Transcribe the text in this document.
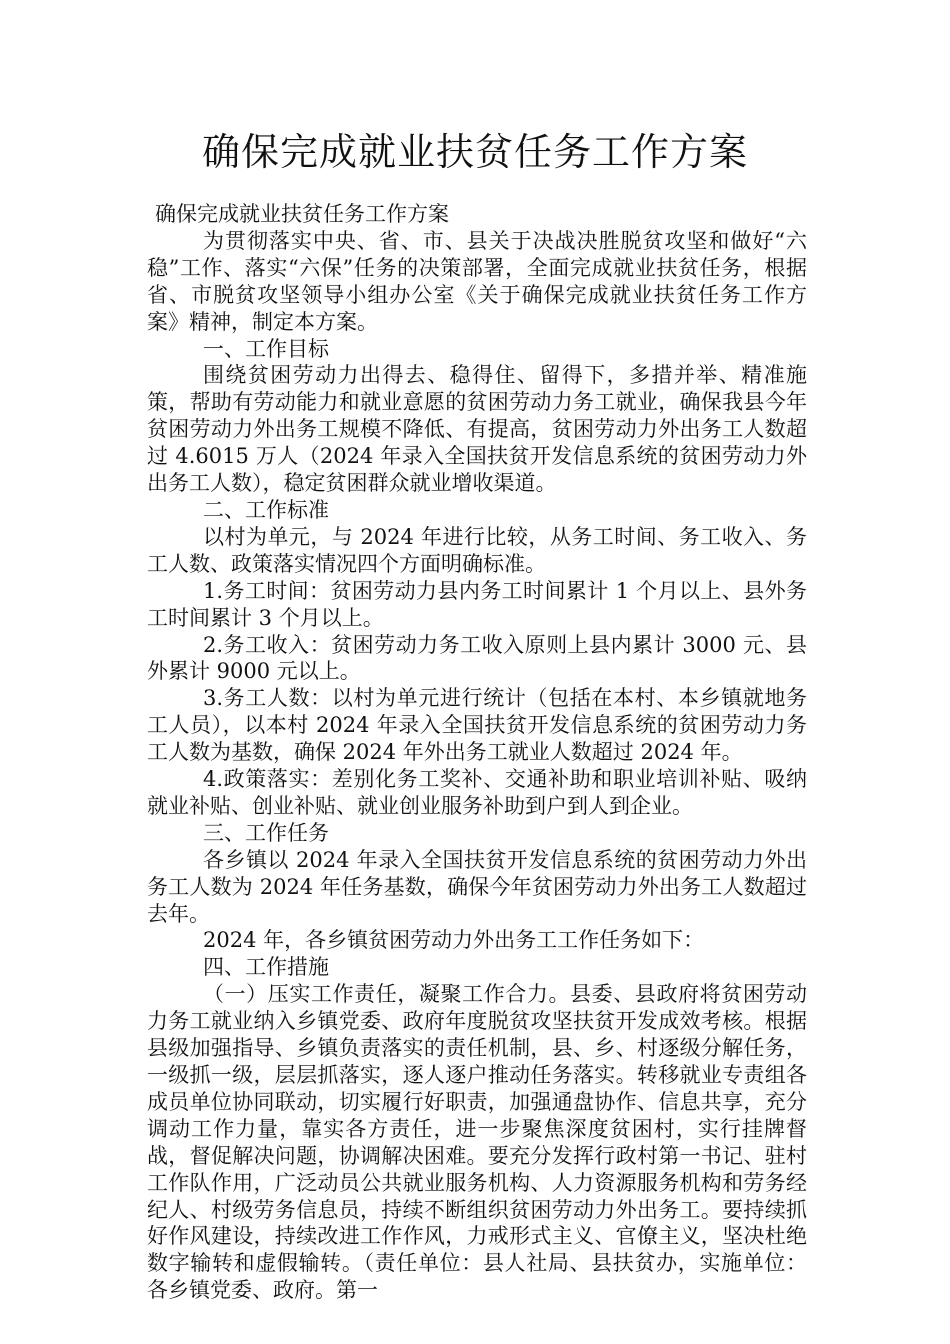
确保完成就业扶贫任务工作方案

确保完成就业扶贫任务工作方案

为贯彻落实中央、省、市、县关于决战决胜脱贫攻坚和做好“六稳”工作、落实“六保”任务的决策部署，全面完成就业扶贫任务，根据省、市脱贫攻坚领导小组办公室《关于确保完成就业扶贫任务工作方案》精神，制定本方案。

一、工作目标

围绕贫困劳动力出得去、稳得住、留得下，多措并举、精准施策，帮助有劳动能力和就业意愿的贫困劳动力务工就业，确保我县今年贫困劳动力外出务工规模不降低、有提高，贫困劳动力外出务工人数超过 4.6015 万人（2024 年录入全国扶贫开发信息系统的贫困劳动力外出务工人数），稳定贫困群众就业增收渠道。

二、工作标准

以村为单元，与 2024 年进行比较，从务工时间、务工收入、务工人数、政策落实情况四个方面明确标准。

1.务工时间：贫困劳动力县内务工时间累计 1 个月以上、县外务工时间累计 3 个月以上。

2.务工收入：贫困劳动力务工收入原则上县内累计 3000 元、县外累计 9000 元以上。

3.务工人数：以村为单元进行统计（包括在本村、本乡镇就地务工人员），以本村 2024 年录入全国扶贫开发信息系统的贫困劳动力务工人数为基数，确保 2024 年外出务工就业人数超过 2024 年。

4.政策落实：差别化务工奖补、交通补助和职业培训补贴、吸纳就业补贴、创业补贴、就业创业服务补助到户到人到企业。

三、工作任务

各乡镇以 2024 年录入全国扶贫开发信息系统的贫困劳动力外出务工人数为 2024 年任务基数，确保今年贫困劳动力外出务工人数超过去年。

2024 年，各乡镇贫困劳动力外出务工工作任务如下：

四、工作措施

（一）压实工作责任，凝聚工作合力。县委、县政府将贫困劳动力务工就业纳入乡镇党委、政府年度脱贫攻坚扶贫开发成效考核。根据县级加强指导、乡镇负责落实的责任机制，县、乡、村逐级分解任务，一级抓一级，层层抓落实，逐人逐户推动任务落实。转移就业专责组各成员单位协同联动，切实履行好职责，加强通盘协作、信息共享，充分调动工作力量，靠实各方责任，进一步聚焦深度贫困村，实行挂牌督战，督促解决问题，协调解决困难。要充分发挥行政村第一书记、驻村工作队作用，广泛动员公共就业服务机构、人力资源服务机构和劳务经纪人、村级劳务信息员，持续不断组织贫困劳动力外出务工。要持续抓好作风建设，持续改进工作作风，力戒形式主义、官僚主义，坚决杜绝数字输转和虚假输转。（责任单位：县人社局、县扶贫办，实施单位：各乡镇党委、政府。第一
